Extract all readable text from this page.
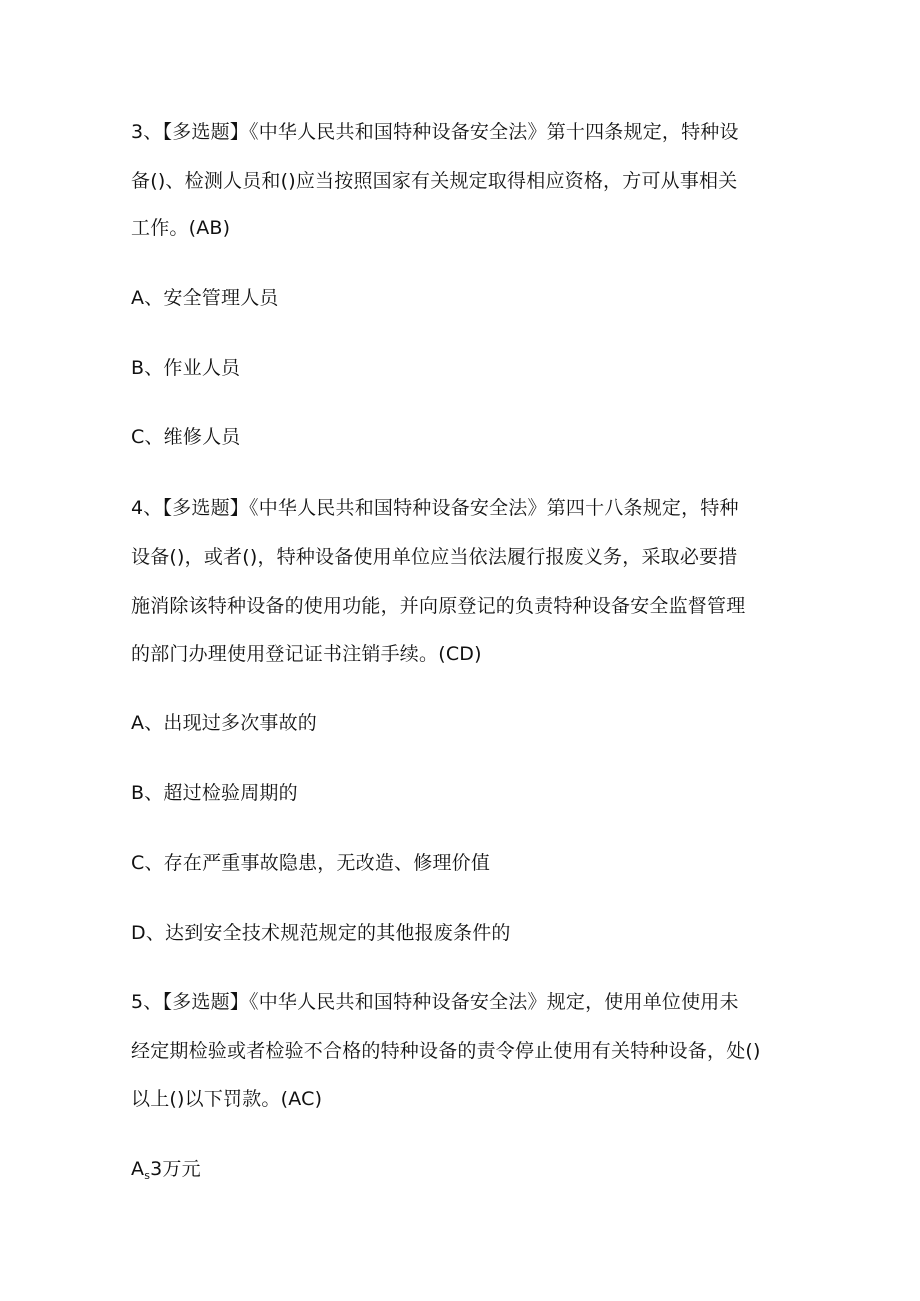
3、【多选题】《中华人民共和国特种设备安全法》第十四条规定，特种设
备()、检测人员和()应当按照国家有关规定取得相应资格，方可从事相关
工作。(AB)
A、安全管理人员
B、作业人员
C、维修人员
4、【多选题】《中华人民共和国特种设备安全法》第四十八条规定，特种
设备()，或者()，特种设备使用单位应当依法履行报废义务，采取必要措
施消除该特种设备的使用功能，并向原登记的负责特种设备安全监督管理
的部门办理使用登记证书注销手续。(CD)
A、出现过多次事故的
B、超过检验周期的
C、存在严重事故隐患，无改造、修理价值
D、达到安全技术规范规定的其他报废条件的
5、【多选题】《中华人民共和国特种设备安全法》规定，使用单位使用未
经定期检验或者检验不合格的特种设备的责令停止使用有关特种设备，处()
以上()以下罚款。(AC)
$A_s3$万元
